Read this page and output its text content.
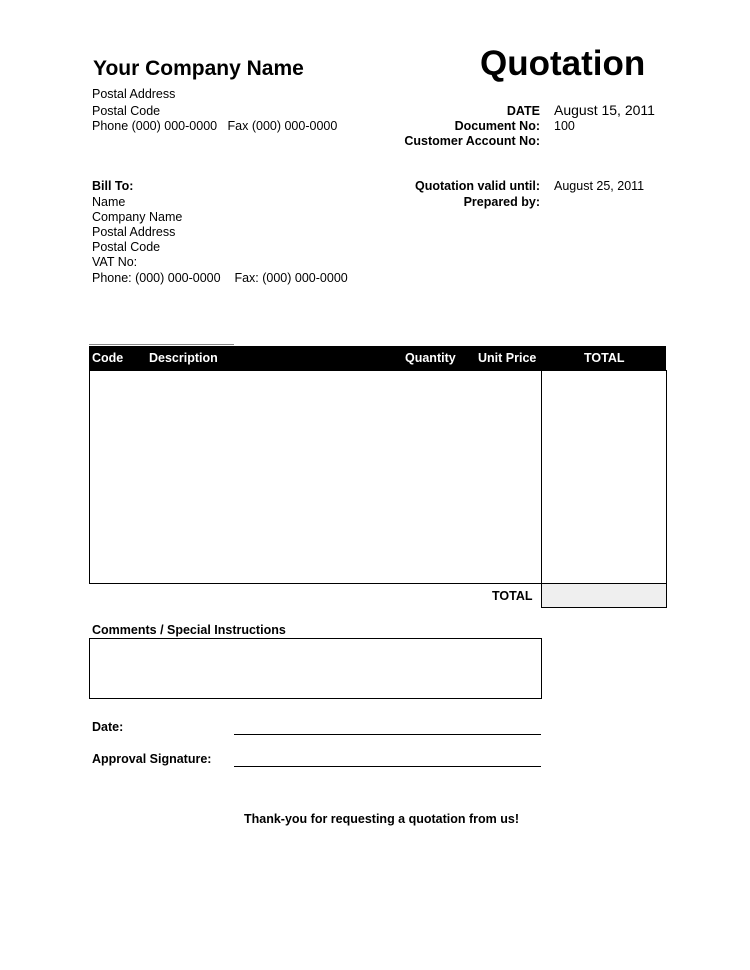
Your Company Name
Postal Address
Postal Code
Phone (000) 000-0000   Fax (000) 000-0000
Quotation
DATE August 15, 2011
Document No: 100
Customer Account No:
Quotation valid until: August 25, 2011
Prepared by:
Bill To:
Name
Company Name
Postal Address
Postal Code
VAT No:
Phone: (000) 000-0000    Fax: (000) 000-0000
Code Description	Quantity Unit Price	TOTAL
TOTAL
Comments / Special Instructions
Date:
Approval Signature:
Thank-you for requesting a quotation from us!
